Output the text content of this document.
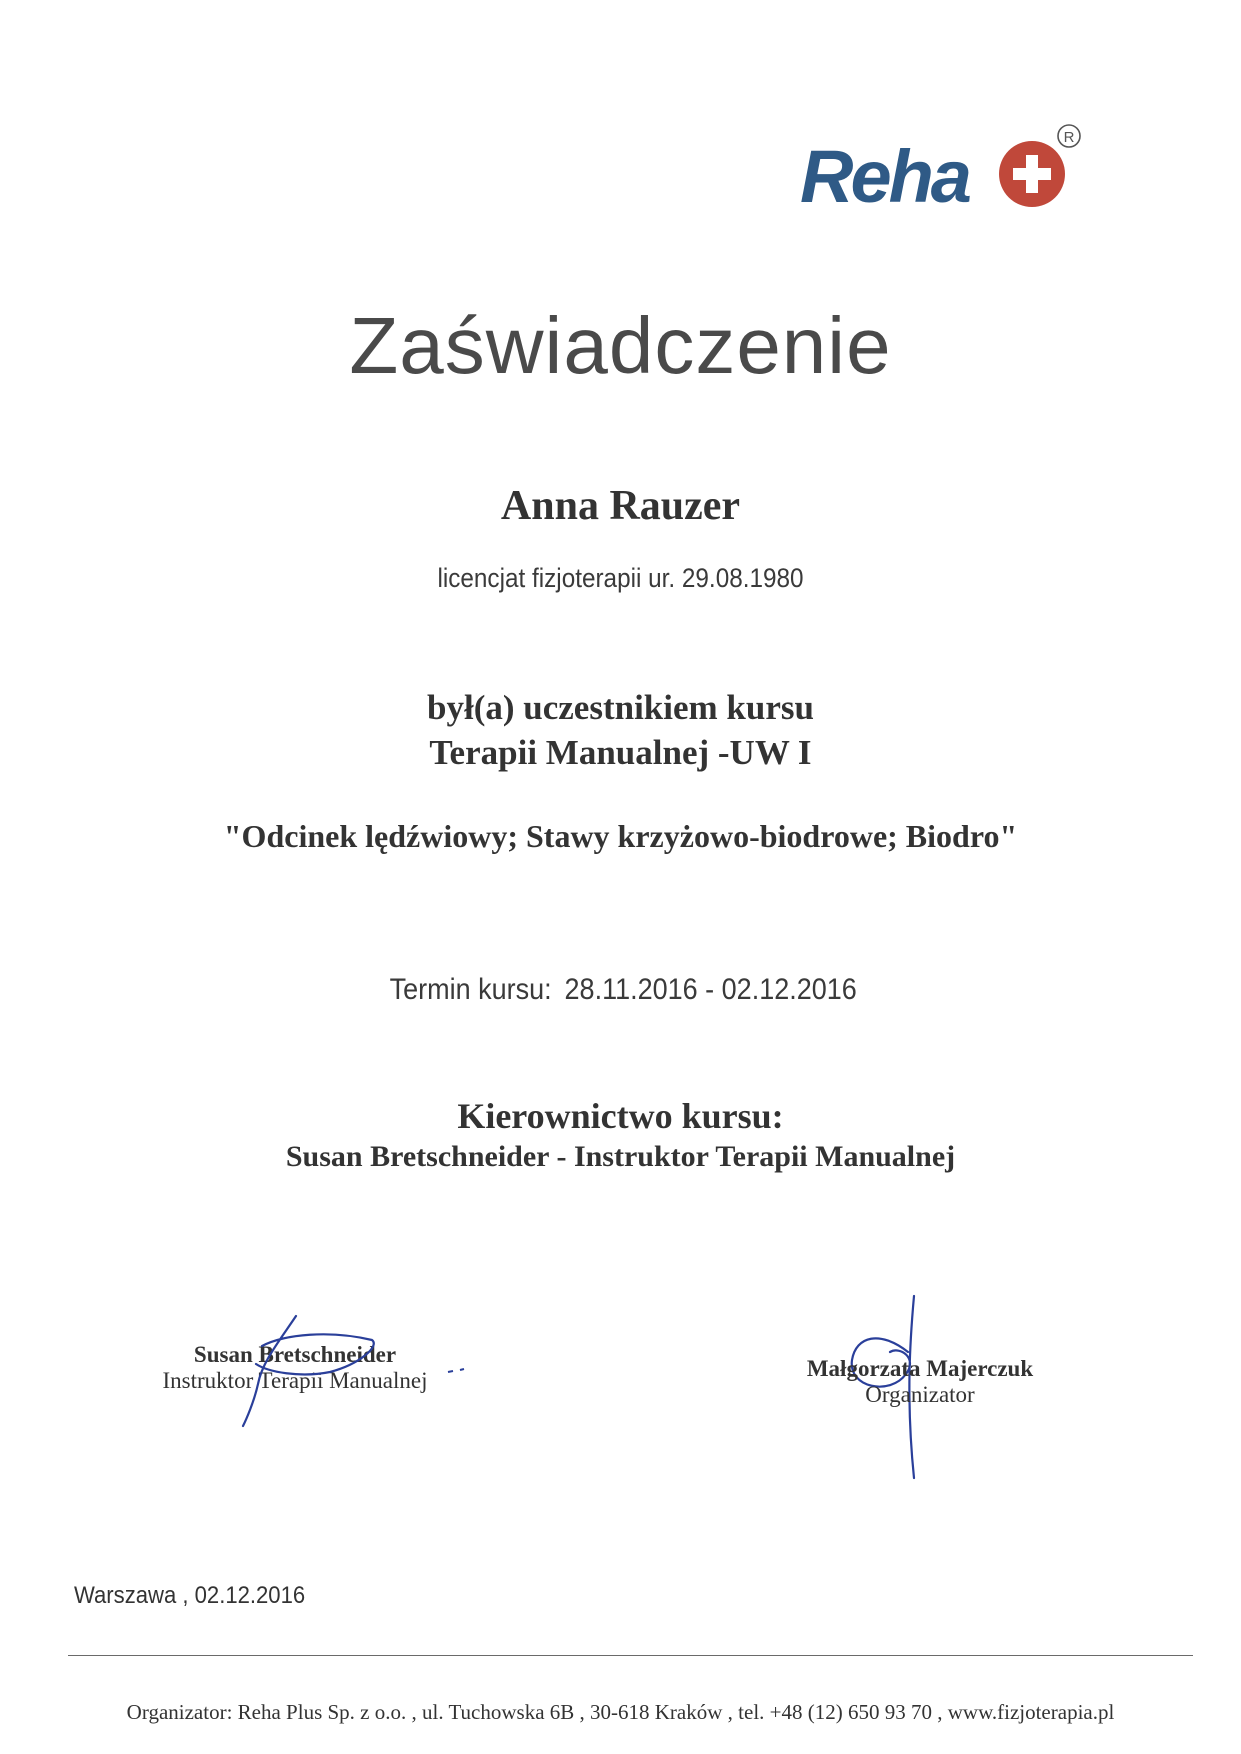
Reha	R
Zaświadczenie
Anna Rauzer
licencjat fizjoterapii ur. 29.08.1980
był(a) uczestnikiem kursu
Terapii Manualnej -UW I
"Odcinek lędźwiowy; Stawy krzyżowo-biodrowe; Biodro"
Termin kursu: 28.11.2016 - 02.12.2016
Kierownictwo kursu:
Susan Bretschneider - Instruktor Terapii Manualnej
Susan Bretschneider
Instruktor Terapii Manualnej	Małgorzata Majerczuk
Organizator
Warszawa , 02.12.2016
Organizator: Reha Plus Sp. z o.o. , ul. Tuchowska 6B , 30-618 Kraków , tel. +48 (12) 650 93 70 , www.fizjoterapia.pl
